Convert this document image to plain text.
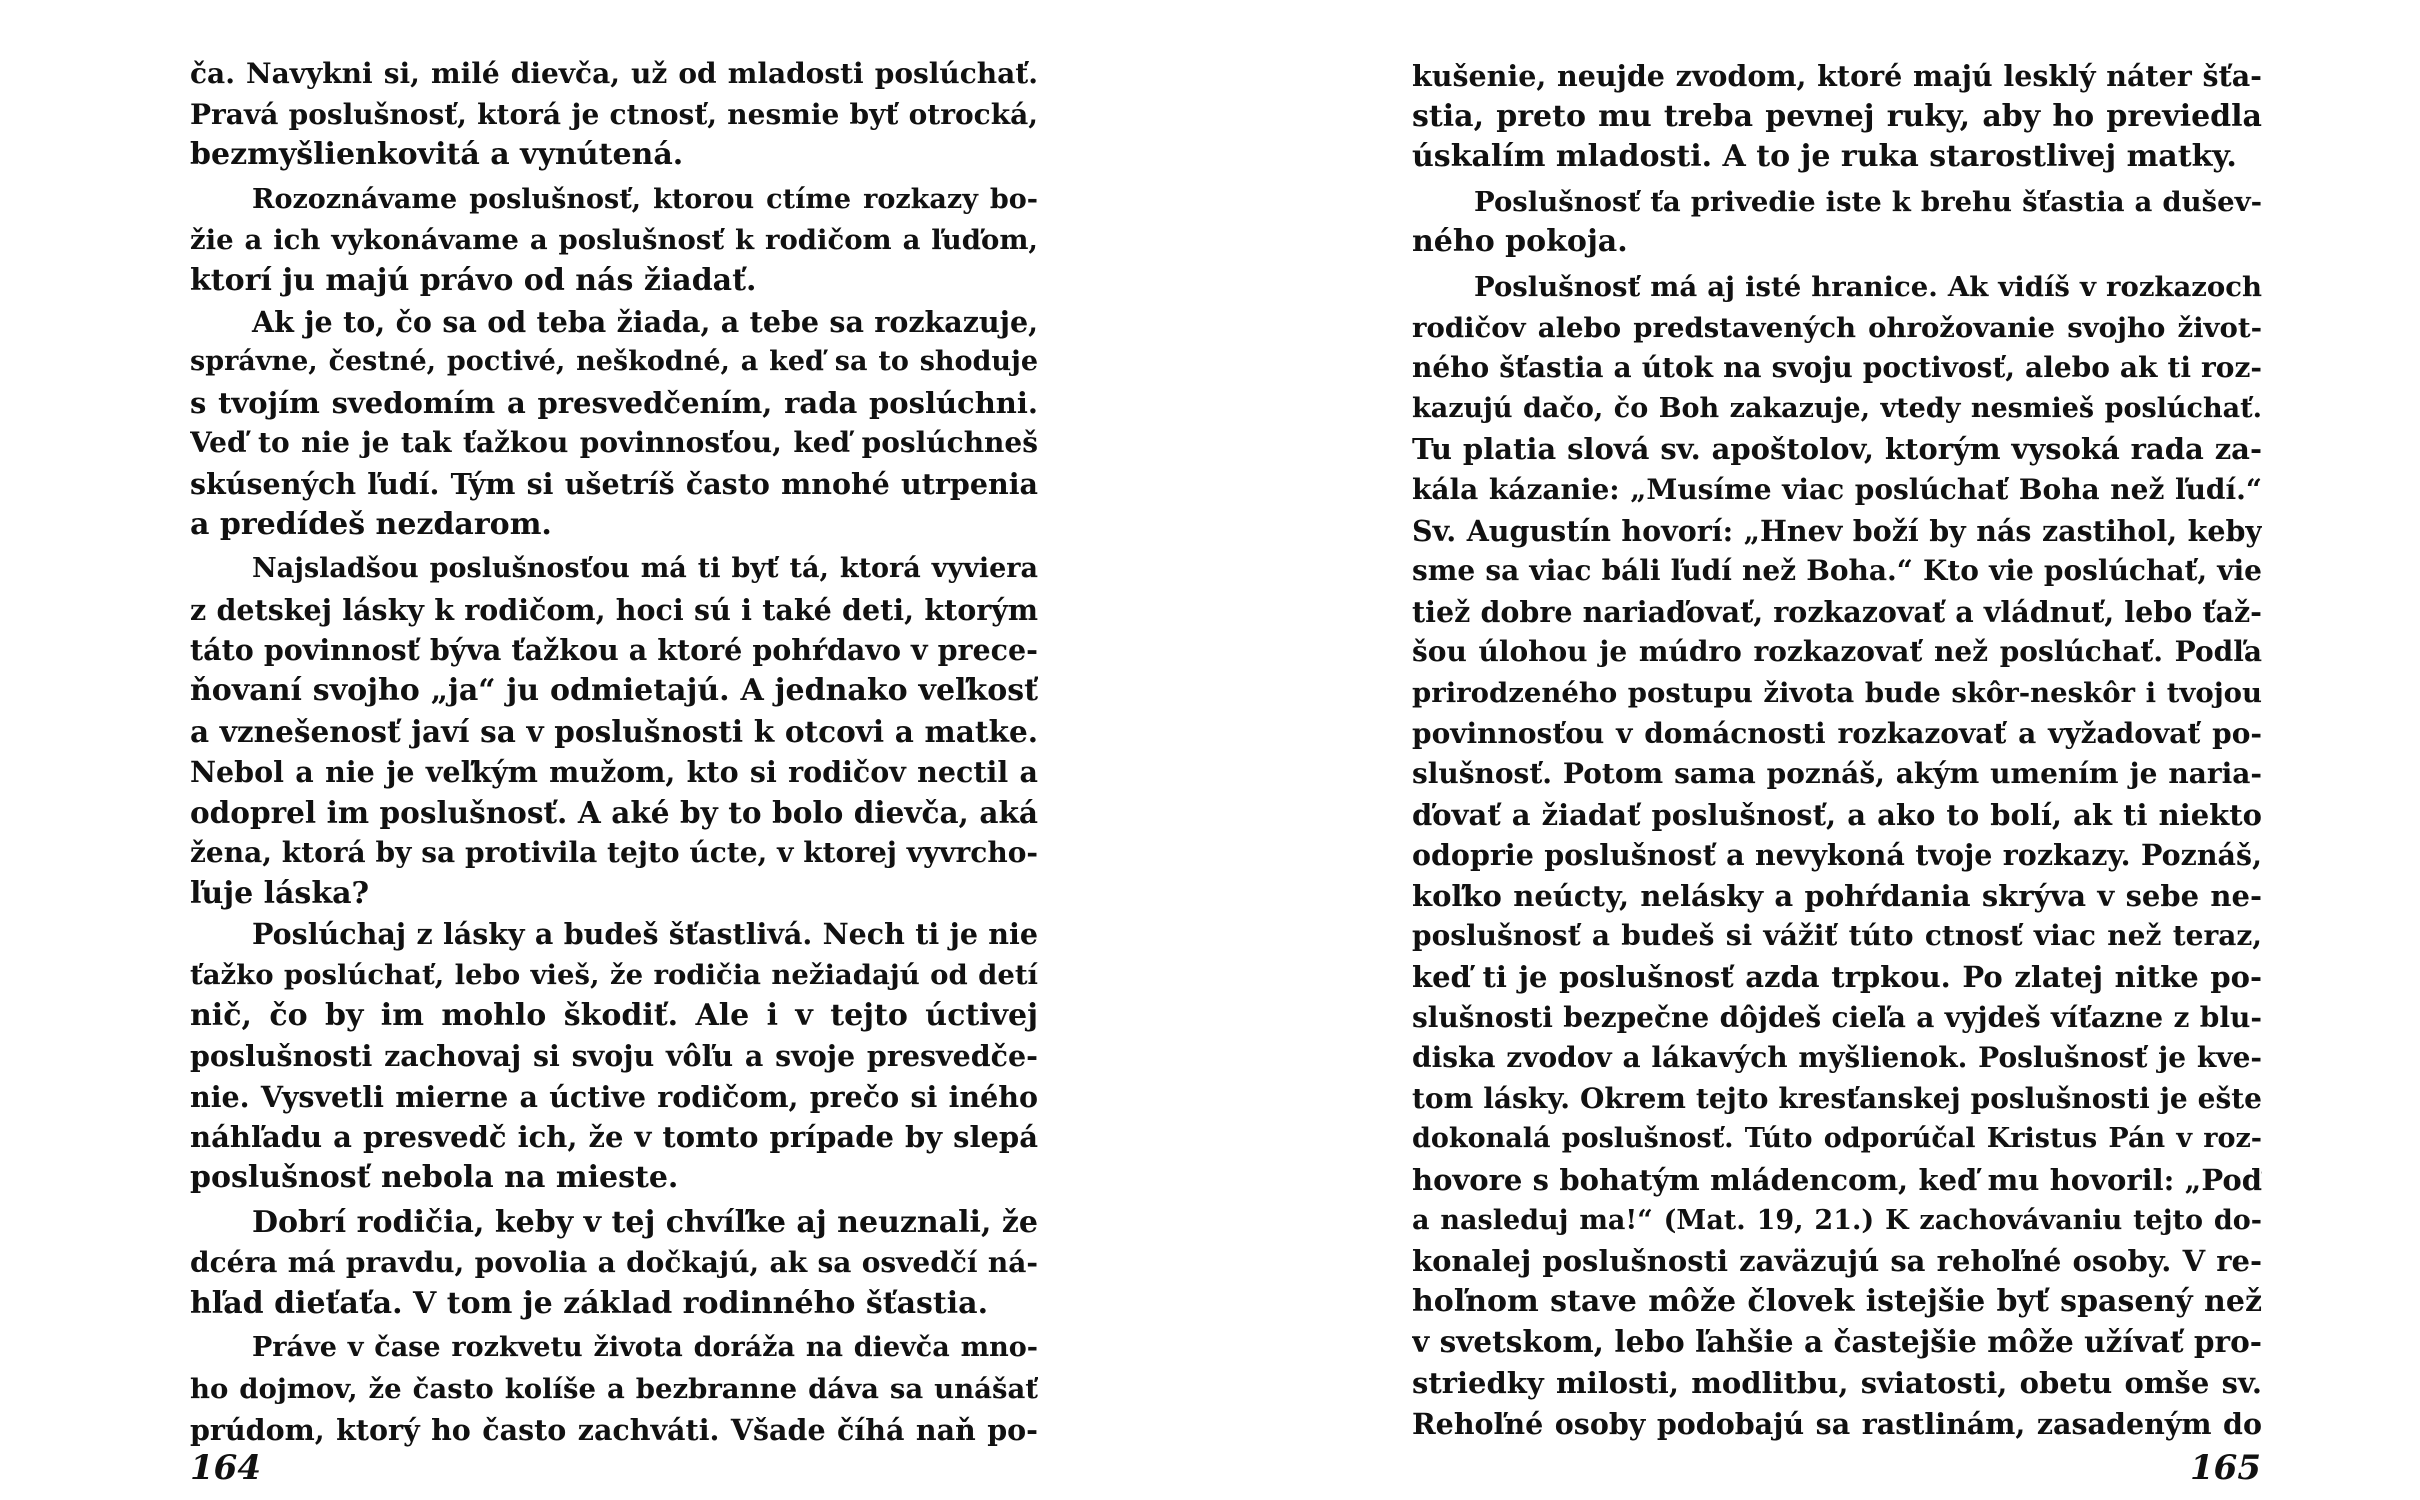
ča. Navykni si, milé dievča, už od mladosti poslúchať.
Pravá poslušnosť, ktorá je ctnosť, nesmie byť otrocká,
bezmyšlienkovitá a vynútená.
Rozoznávame poslušnosť, ktorou ctíme rozkazy bo-
žie a ich vykonávame a poslušnosť k rodičom a ľuďom,
ktorí ju majú právo od nás žiadať.
Ak je to, čo sa od teba žiada, a tebe sa rozkazuje,
správne, čestné, poctivé, neškodné, a keď sa to shoduje
s tvojím svedomím a presvedčením, rada poslúchni.
Veď to nie je tak ťažkou povinnosťou, keď poslúchneš
skúsených ľudí. Tým si ušetríš často mnohé utrpenia
a predídeš nezdarom.
Najsladšou poslušnosťou má ti byť tá, ktorá vyviera
z detskej lásky k rodičom, hoci sú i také deti, ktorým
táto povinnosť býva ťažkou a ktoré pohŕdavo v prece-
ňovaní svojho „ja“ ju odmietajú. A jednako veľkosť
a vznešenosť javí sa v poslušnosti k otcovi a matke.
Nebol a nie je veľkým mužom, kto si rodičov nectil a
odoprel im poslušnosť. A aké by to bolo dievča, aká
žena, ktorá by sa protivila tejto úcte, v ktorej vyvrcho-
ľuje láska?
Poslúchaj z lásky a budeš šťastlivá. Nech ti je nie
ťažko poslúchať, lebo vieš, že rodičia nežiadajú od detí
nič, čo by im mohlo škodiť. Ale i v tejto úctivej
poslušnosti zachovaj si svoju vôľu a svoje presvedče-
nie. Vysvetli mierne a úctive rodičom, prečo si iného
náhľadu a presvedč ich, že v tomto prípade by slepá
poslušnosť nebola na mieste.
Dobrí rodičia, keby v tej chvíľke aj neuznali, že
dcéra má pravdu, povolia a dočkajú, ak sa osvedčí ná-
hľad dieťaťa. V tom je základ rodinného šťastia.
Práve v čase rozkvetu života doráža na dievča mno-
ho dojmov, že často kolíše a bezbranne dáva sa unášať
prúdom, ktorý ho často zachváti. Všade číhá naň po-
164
kušenie, neujde zvodom, ktoré majú lesklý náter šťa-
stia, preto mu treba pevnej ruky, aby ho previedla
úskalím mladosti. A to je ruka starostlivej matky.
Poslušnosť ťa privedie iste k brehu šťastia a dušev-
ného pokoja.
Poslušnosť má aj isté hranice. Ak vidíš v rozkazoch
rodičov alebo predstavených ohrožovanie svojho život-
ného šťastia a útok na svoju poctivosť, alebo ak ti roz-
kazujú dačo, čo Boh zakazuje, vtedy nesmieš poslúchať.
Tu platia slová sv. apoštolov, ktorým vysoká rada za-
kála kázanie: „Musíme viac poslúchať Boha než ľudí.“
Sv. Augustín hovorí: „Hnev boží by nás zastihol, keby
sme sa viac báli ľudí než Boha.“ Kto vie poslúchať, vie
tiež dobre nariaďovať, rozkazovať a vládnuť, lebo ťaž-
šou úlohou je múdro rozkazovať než poslúchať. Podľa
prirodzeného postupu života bude skôr-neskôr i tvojou
povinnosťou v domácnosti rozkazovať a vyžadovať po-
slušnosť. Potom sama poznáš, akým umením je naria-
ďovať a žiadať poslušnosť, a ako to bolí, ak ti niekto
odoprie poslušnosť a nevykoná tvoje rozkazy. Poznáš,
koľko neúcty, nelásky a pohŕdania skrýva v sebe ne-
poslušnosť a budeš si vážiť túto ctnosť viac než teraz,
keď ti je poslušnosť azda trpkou. Po zlatej nitke po-
slušnosti bezpečne dôjdeš cieľa a vyjdeš víťazne z blu-
diska zvodov a lákavých myšlienok. Poslušnosť je kve-
tom lásky. Okrem tejto kresťanskej poslušnosti je ešte
dokonalá poslušnosť. Túto odporúčal Kristus Pán v roz-
hovore s bohatým mládencom, keď mu hovoril: „Poď
a nasleduj ma!“ (Mat. 19, 21.) K zachovávaniu tejto do-
konalej poslušnosti zaväzujú sa rehoľné osoby. V re-
hoľnom stave môže človek istejšie byť spasený než
v svetskom, lebo ľahšie a častejšie môže užívať pro-
striedky milosti, modlitbu, sviatosti, obetu omše sv.
Rehoľné osoby podobajú sa rastlinám, zasadeným do
165
